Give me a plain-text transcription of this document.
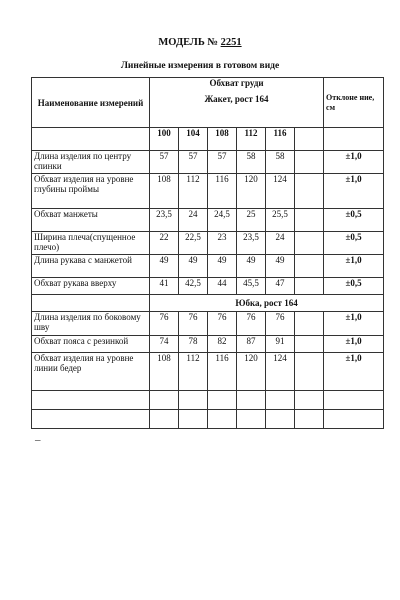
МОДЕЛЬ № 2251
Линейные измерения в готовом виде
Наименование измерений	Обхват груди
Жакет, рост 164						Отклоне ние, см
	100	104	108	112	116		
Длина изделия по центру спинки	57	57	57	58	58		±1,0
Обхват изделия на уровне глубины проймы	108	112	116	120	124		±1,0
Обхват манжеты	23,5	24	24,5	25	25,5		±0,5
Ширина плеча(спущенное плечо)	22	22,5	23	23,5	24		±0,5
Длина рукава с манжетой	49	49	49	49	49		±1,0
Обхват рукава вверху	41	42,5	44	45,5	47		±0,5
	Юбка, рост 164						
Длина изделия по боковому шву	76	76	76	76	76		±1,0
Обхват пояса с резинкой	74	78	82	87	91		±1,0
Обхват изделия на уровне линии бедер	108	112	116	120	124		±1,0

–
